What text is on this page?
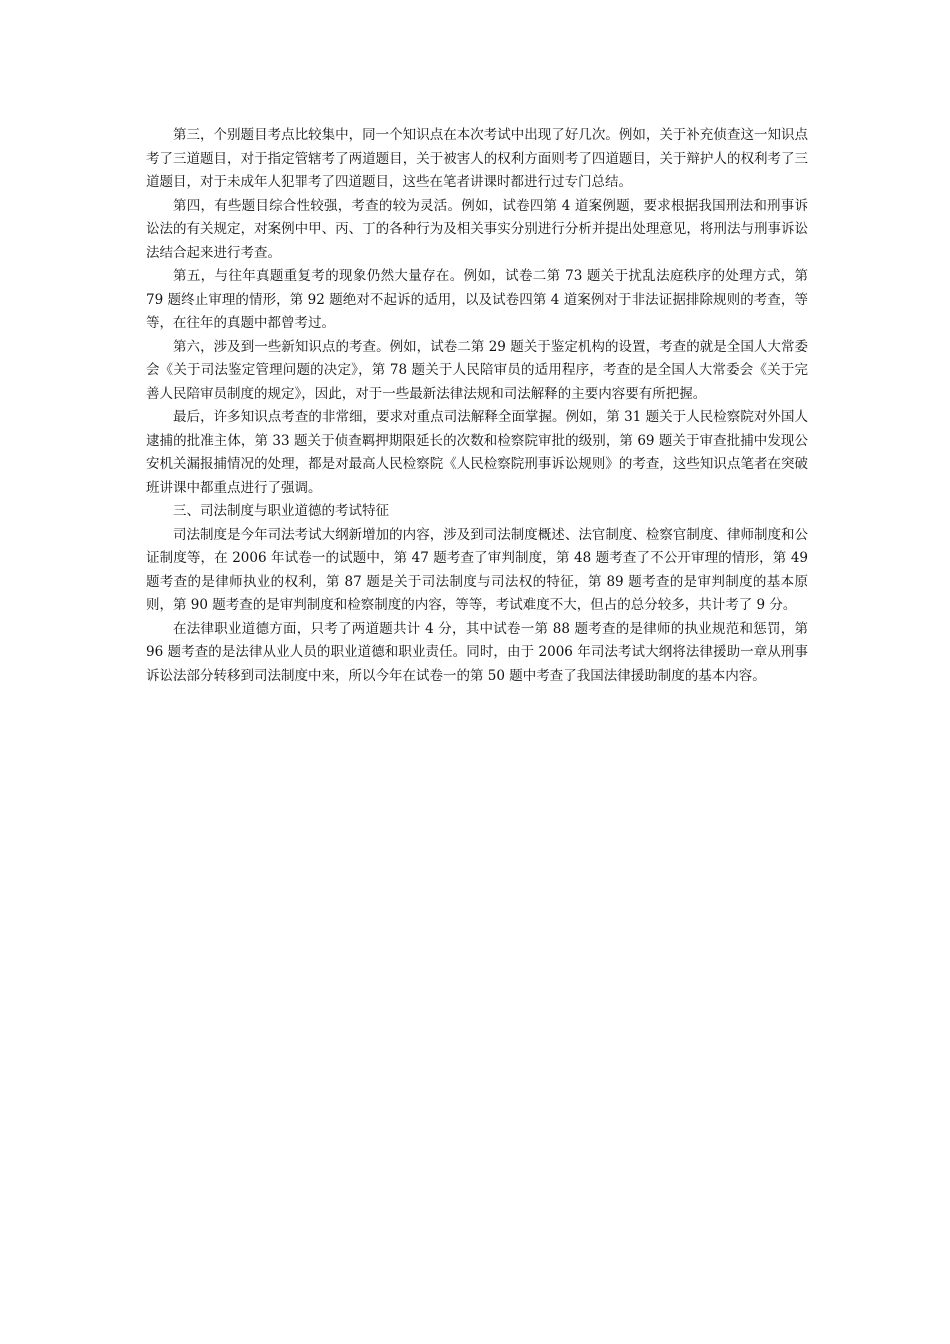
第三，个别题目考点比较集中，同一个知识点在本次考试中出现了好几次。例如，关于补充侦查这一知识点考了三道题目，对于指定管辖考了两道题目，关于被害人的权利方面则考了四道题目，关于辩护人的权利考了三道题目，对于未成年人犯罪考了四道题目，这些在笔者讲课时都进行过专门总结。

第四，有些题目综合性较强，考查的较为灵活。例如，试卷四第 4 道案例题，要求根据我国刑法和刑事诉讼法的有关规定，对案例中甲、丙、丁的各种行为及相关事实分别进行分析并提出处理意见，将刑法与刑事诉讼法结合起来进行考查。

第五，与往年真题重复考的现象仍然大量存在。例如，试卷二第 73 题关于扰乱法庭秩序的处理方式，第 79 题终止审理的情形，第 92 题绝对不起诉的适用，以及试卷四第 4 道案例对于非法证据排除规则的考查，等等，在往年的真题中都曾考过。

第六，涉及到一些新知识点的考查。例如，试卷二第 29 题关于鉴定机构的设置，考查的就是全国人大常委会《关于司法鉴定管理问题的决定》，第 78 题关于人民陪审员的适用程序，考查的是全国人大常委会《关于完善人民陪审员制度的规定》，因此，对于一些最新法律法规和司法解释的主要内容要有所把握。

最后，许多知识点考查的非常细，要求对重点司法解释全面掌握。例如，第 31 题关于人民检察院对外国人逮捕的批准主体，第 33 题关于侦查羁押期限延长的次数和检察院审批的级别，第 69 题关于审查批捕中发现公安机关漏报捕情况的处理，都是对最高人民检察院《人民检察院刑事诉讼规则》的考查，这些知识点笔者在突破班讲课中都重点进行了强调。

三、司法制度与职业道德的考试特征

司法制度是今年司法考试大纲新增加的内容，涉及到司法制度概述、法官制度、检察官制度、律师制度和公证制度等，在 2006 年试卷一的试题中，第 47 题考查了审判制度，第 48 题考查了不公开审理的情形，第 49 题考查的是律师执业的权利，第 87 题是关于司法制度与司法权的特征，第 89 题考查的是审判制度的基本原则，第 90 题考查的是审判制度和检察制度的内容，等等，考试难度不大，但占的总分较多，共计考了 9 分。

在法律职业道德方面，只考了两道题共计 4 分，其中试卷一第 88 题考查的是律师的执业规范和惩罚，第 96 题考查的是法律从业人员的职业道德和职业责任。同时，由于 2006 年司法考试大纲将法律援助一章从刑事诉讼法部分转移到司法制度中来，所以今年在试卷一的第 50 题中考查了我国法律援助制度的基本内容。
